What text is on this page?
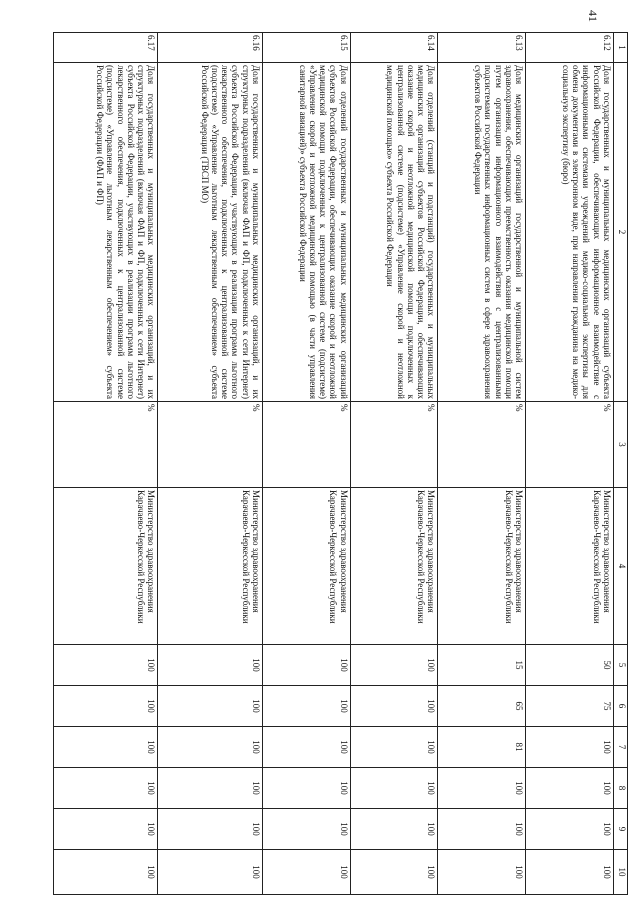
41
1	2	3	4	5	6	7	8	9	10
6.12	Доля государственных и муниципальных медицинских организаций субъекта Российской Федерации, обеспечивающих информационное взаимодействие с информационными системами учреждений медико-социальной экспертизы для обмена документами в электронном виде, при направлении гражданина на медико-социальную экспертизу (бюро)	%	Министерство здравоохранения Карачаево-Черкесской Республики	50	75	100	100	100	100
6.13	Доля медицинских организаций государственной и муниципальной систем здравоохранения, обеспечивающих преемственность оказания медицинской помощи путем организации информационного взаимодействия с централизованными подсистемами государственных информационных систем в сфере здравоохранения субъектов Российской Федерации	%	Министерство здравоохранения Карачаево-Черкесской Республики	15	65	81	100	100	100
6.14	Доля отделений (станций и подстанций) государственных и муниципальных медицинских организаций субъектов Российской Федерации, обеспечивающих оказание скорой и неотложной медицинской помощи подключенных к централизованной системе (подсистеме) «Управление скорой и неотложной медицинской помощью» субъекта Российской Федерации	%	Министерство здравоохранения Карачаево-Черкесской Республики	100	100	100	100	100	100
6.15	Доля отделений государственных и муниципальных медицинских организаций субъектов Российской Федерации, обеспечивающих оказание скорой и неотложной медицинской помощи подключенных к централизованной системе (подсистеме) «Управление скорой и неотложной медицинской помощью (в части управления санитарной авиацией)» субъекта Российской Федерации	%	Министерство здравоохранения Карачаево-Черкесской Республики	100	100	100	100	100	100
6.16	Доля государственных и муниципальных медицинских организаций, и их структурных подразделений (включая ФАП и ФП, подключенных к сети Интернет) субъекта Российской Федерации, участвующих в реализации программ льготного лекарственного обеспечения, подключенных к централизованной системе (подсистеме) «Управление льготным лекарственным обеспечением» субъекта Российской Федерации (ТВСП МО)	%	Министерство здравоохранения Карачаево-Черкесской Республики	100	100	100	100	100	100
6.17	Доля государственных и муниципальных медицинских организаций, и их структурных подразделений (включая ФАП и ФП, подключенных к сети Интернет) субъекта Российской Федерации, участвующих в реализации программ льготного лекарственного обеспечения, подключенных к централизованной системе (подсистеме) «Управление льготным лекарственным обеспечением» субъекта Российской Федерации (ФАП и ФП)	%	Министерство здравоохранения Карачаево-Черкесской Республики	100	100	100	100	100	100
